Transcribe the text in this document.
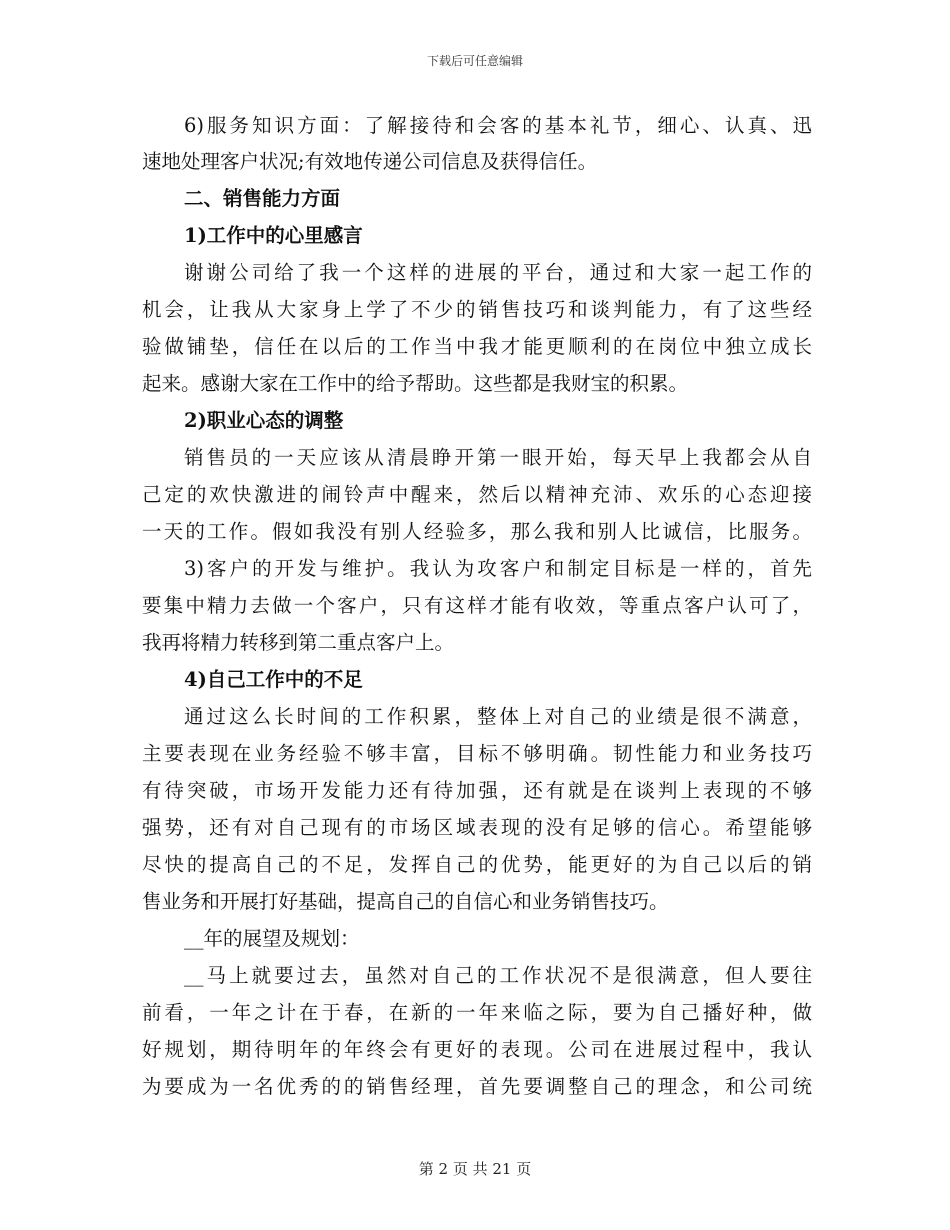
下载后可任意编辑
6)服务知识方面：了解接待和会客的基本礼节，细心、认真、迅
速地处理客户状况;有效地传递公司信息及获得信任。
二、销售能力方面
1)工作中的心里感言
谢谢公司给了我一个这样的进展的平台，通过和大家一起工作的
机会，让我从大家身上学了不少的销售技巧和谈判能力，有了这些经
验做铺垫，信任在以后的工作当中我才能更顺利的在岗位中独立成长
起来。感谢大家在工作中的给予帮助。这些都是我财宝的积累。
2)职业心态的调整
销售员的一天应该从清晨睁开第一眼开始，每天早上我都会从自
己定的欢快激进的闹铃声中醒来，然后以精神充沛、欢乐的心态迎接
一天的工作。假如我没有别人经验多，那么我和别人比诚信，比服务。
3)客户的开发与维护。我认为攻客户和制定目标是一样的，首先
要集中精力去做一个客户，只有这样才能有收效，等重点客户认可了，
我再将精力转移到第二重点客户上。
4)自己工作中的不足
通过这么长时间的工作积累，整体上对自己的业绩是很不满意，
主要表现在业务经验不够丰富，目标不够明确。韧性能力和业务技巧
有待突破，市场开发能力还有待加强，还有就是在谈判上表现的不够
强势，还有对自己现有的市场区域表现的没有足够的信心。希望能够
尽快的提高自己的不足，发挥自己的优势，能更好的为自己以后的销
售业务和开展打好基础，提高自己的自信心和业务销售技巧。
__年的展望及规划：
__马上就要过去，虽然对自己的工作状况不是很满意，但人要往
前看，一年之计在于春，在新的一年来临之际，要为自己播好种，做
好规划，期待明年的年终会有更好的表现。公司在进展过程中，我认
为要成为一名优秀的的销售经理，首先要调整自己的理念，和公司统
第 2 页 共 21 页
